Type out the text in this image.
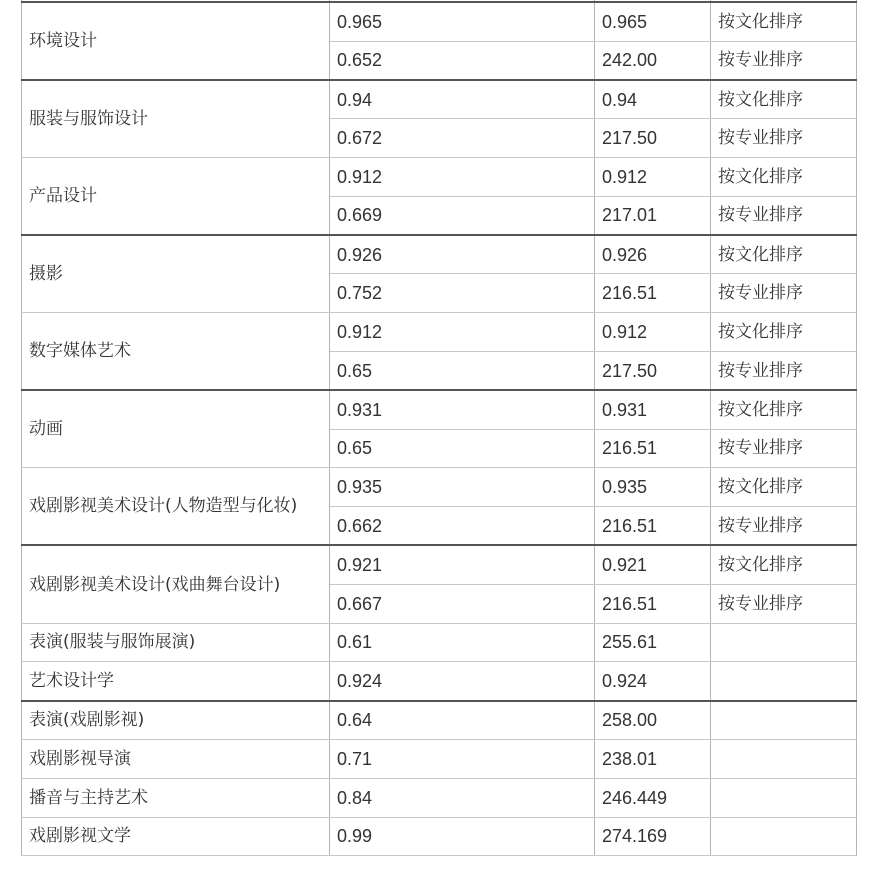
环境设计	0.965	0.965	按文化排序
	0.652	242.00	按专业排序
服装与服饰设计	0.94	0.94	按文化排序
	0.672	217.50	按专业排序
产品设计	0.912	0.912	按文化排序
	0.669	217.01	按专业排序
摄影	0.926	0.926	按文化排序
	0.752	216.51	按专业排序
数字媒体艺术	0.912	0.912	按文化排序
	0.65	217.50	按专业排序
动画	0.931	0.931	按文化排序
	0.65	216.51	按专业排序
戏剧影视美术设计(人物造型与化妆)	0.935	0.935	按文化排序
	0.662	216.51	按专业排序
戏剧影视美术设计(戏曲舞台设计)	0.921	0.921	按文化排序
	0.667	216.51	按专业排序
表演(服装与服饰展演)	0.61	255.61	
艺术设计学	0.924	0.924	
表演(戏剧影视)	0.64	258.00	
戏剧影视导演	0.71	238.01	
播音与主持艺术	0.84	246.449	
戏剧影视文学	0.99	274.169	
